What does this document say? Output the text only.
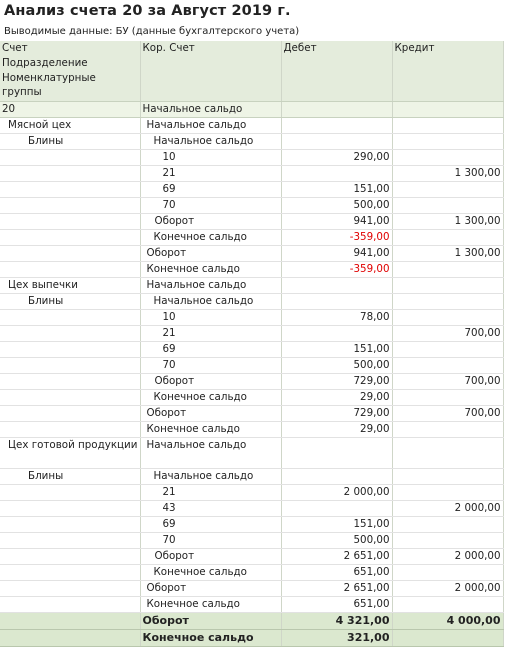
Анализ счета 20 за Август 2019 г.
Выводимые данные: БУ (данные бухгалтерского учета)
Счет	Кор. Счет	Дебет	Кредит
Подразделение			
Номенклатурные группы			
20	Начальное сальдо		
Мясной цех	Начальное сальдо		
Блины	Начальное сальдо		
	10	290,00	
	21		1 300,00
	69	151,00	
	70	500,00	
	Оборот	941,00	1 300,00
	Конечное сальдо	-359,00	
	Оборот	941,00	1 300,00
	Конечное сальдо	-359,00	
Цех выпечки	Начальное сальдо		
Блины	Начальное сальдо		
	10	78,00	
	21		700,00
	69	151,00	
	70	500,00	
	Оборот	729,00	700,00
	Конечное сальдо	29,00	
	Оборот	729,00	700,00
	Конечное сальдо	29,00	
Цех готовой продукции	Начальное сальдо		
Блины	Начальное сальдо		
	21	2 000,00	
	43		2 000,00
	69	151,00	
	70	500,00	
	Оборот	2 651,00	2 000,00
	Конечное сальдо	651,00	
	Оборот	2 651,00	2 000,00
	Конечное сальдо	651,00	
	Оборот	4 321,00	4 000,00
	Конечное сальдо	321,00	
